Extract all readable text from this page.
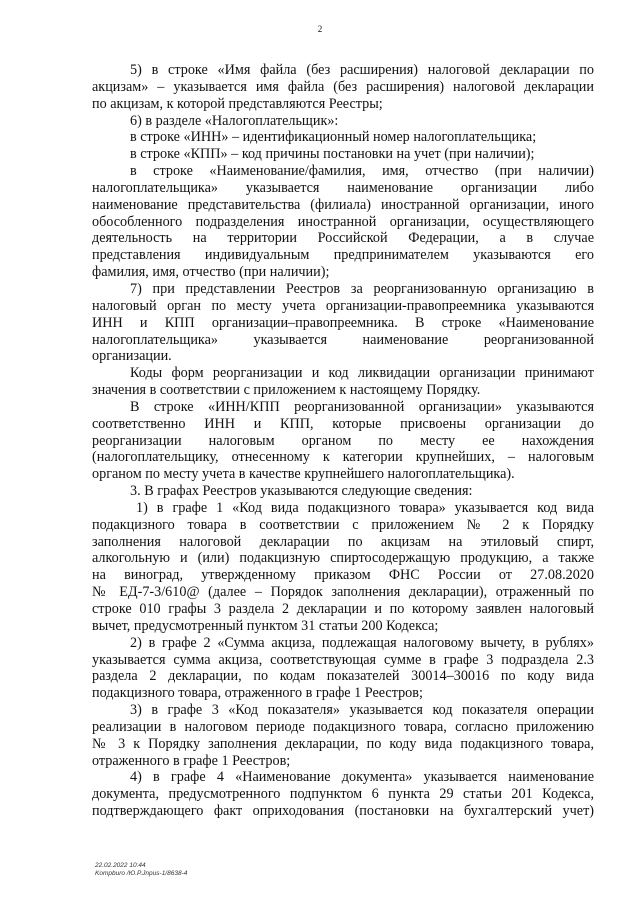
2
5) в строке «Имя файла (без расширения) налоговой декларации по
акцизам» – указывается имя файла (без расширения) налоговой декларации
по акцизам, к которой представляются Реестры;
6) в разделе «Налогоплательщик»:
в строке «ИНН» – идентификационный номер налогоплательщика;
в строке «КПП» – код причины постановки на учет (при наличии);
в строке «Наименование/фамилия, имя, отчество (при наличии)
налогоплательщика» указывается наименование организации либо
наименование представительства (филиала) иностранной организации, иного
обособленного подразделения иностранной организации, осуществляющего
деятельность на территории Российской Федерации, а в случае
представления индивидуальным предпринимателем указываются его
фамилия, имя, отчество (при наличии);
7) при представлении Реестров за реорганизованную организацию в
налоговый орган по месту учета организации-правопреемника указываются
ИНН и КПП организации–правопреемника. В строке «Наименование
налогоплательщика» указывается наименование реорганизованной
организации.
Коды форм реорганизации и код ликвидации организации принимают
значения в соответствии с приложением к настоящему Порядку.
В строке «ИНН/КПП реорганизованной организации» указываются
соответственно ИНН и КПП, которые присвоены организации до
реорганизации налоговым органом по месту ее нахождения
(налогоплательщику, отнесенному к категории крупнейших, – налоговым
органом по месту учета в качестве крупнейшего налогоплательщика).
3. В графах Реестров указываются следующие сведения:
1) в графе 1 «Код вида подакцизного товара» указывается код вида
подакцизного товара в соответствии с приложением № 2 к Порядку
заполнения налоговой декларации по акцизам на этиловый спирт,
алкогольную и (или) подакцизную спиртосодержащую продукцию, а также
на виноград, утвержденному приказом ФНС России от 27.08.2020
№ ЕД-7-3/610@ (далее – Порядок заполнения декларации), отраженный по
строке 010 графы 3 раздела 2 декларации и по которому заявлен налоговый
вычет, предусмотренный пунктом 31 статьи 200 Кодекса;
2) в графе 2 «Сумма акциза, подлежащая налоговому вычету, в рублях»
указывается сумма акциза, соответствующая сумме в графе 3 подраздела 2.3
раздела 2 декларации, по кодам показателей 30014–30016 по коду вида
подакцизного товара, отраженного в графе 1 Реестров;
3) в графе 3 «Код показателя» указывается код показателя операции
реализации в налоговом периоде подакцизного товара, согласно приложению
№ 3 к Порядку заполнения декларации, по коду вида подакцизного товара,
отраженного в графе 1 Реестров;
4) в графе 4 «Наименование документа» указывается наименование
документа, предусмотренного подпунктом 6 пункта 29 статьи 201 Кодекса,
подтверждающего факт оприходования (постановки на бухгалтерский учет)
22.02.2022 10:44
Kompburo /Ю.Р.Jnpus-1/8638-4
